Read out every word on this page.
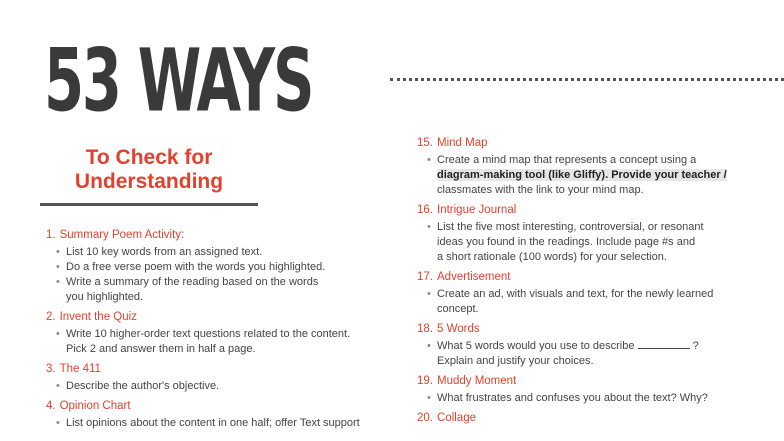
53 WAYS
To Check for
Understanding
1. Summary Poem Activity:
• List 10 key words from an assigned text.
• Do a free verse poem with the words you highlighted.
• Write a summary of the reading based on the words
you highlighted.
2. Invent the Quiz
• Write 10 higher-order text questions related to the content.
Pick 2 and answer them in half a page.
3. The 411
• Describe the author's objective.
4. Opinion Chart
• List opinions about the content in one half; offer Text support
15. Mind Map
• Create a mind map that represents a concept using a
diagram-making tool (like Gliffy). Provide your teacher /
classmates with the link to your mind map.
16. Intrigue Journal
• List the five most interesting, controversial, or resonant
ideas you found in the readings. Include page #s and
a short rationale (100 words) for your selection.
17. Advertisement
• Create an ad, with visuals and text, for the newly learned
concept.
18. 5 Words
• What 5 words would you use to describe	?
Explain and justify your choices.
19. Muddy Moment
• What frustrates and confuses you about the text? Why?
20. Collage
